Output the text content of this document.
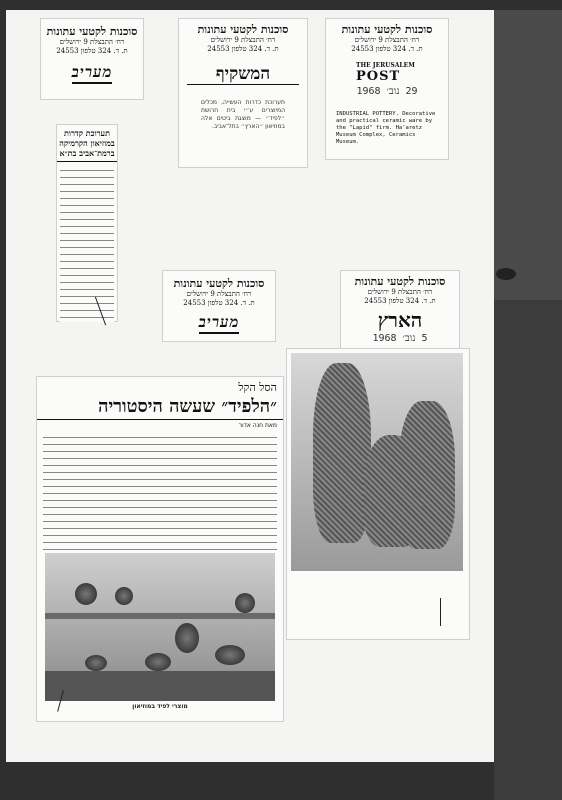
סוכנות לקטעי עתונות
רח׳ התבצלת 9 ירושלים
ת. ד. 324 טלפון 24553
מעריב
סוכנות לקטעי עתונות
רח׳ התבצלת 9 ירושלים
ת. ד. 324 טלפון 24553
המשקיף
תערוכת כדרות העשייה, מכלים המיוצרים ע״י בית חרושת ״לפיד״ — מוצגת ביטים אלה במוזיאון ״הארץ״ בתל־אביב.
סוכנות לקטעי עתונות
רח׳ התבצלת 9 ירושלים
ת. ד. 324 טלפון 24553
THE JERUSALEM
POST
29 נוב׳ 1968
INDUSTRIAL POTTERY. Decorative and practical ceramic ware by the "Lapid" firm. Ha'aretz Museum Complex, Ceramics Museum.
תערוכת קדרות במוזיאון הקרמיקה ברמת־אביב בת״א
סוכנות לקטעי עתונות
רח׳ התבצלת 9 ירושלים
ת. ד. 324 טלפון 24553
מעריב
סוכנות לקטעי עתונות
רח׳ התבצלת 9 ירושלים
ת. ד. 324 טלפון 24553
הארץ
5 נוב׳ 1968
הסל הקל
״הלפיד״ שעשה היסטוריה
מאת חנה אדור
מוצרי לפיד במוזיאון
